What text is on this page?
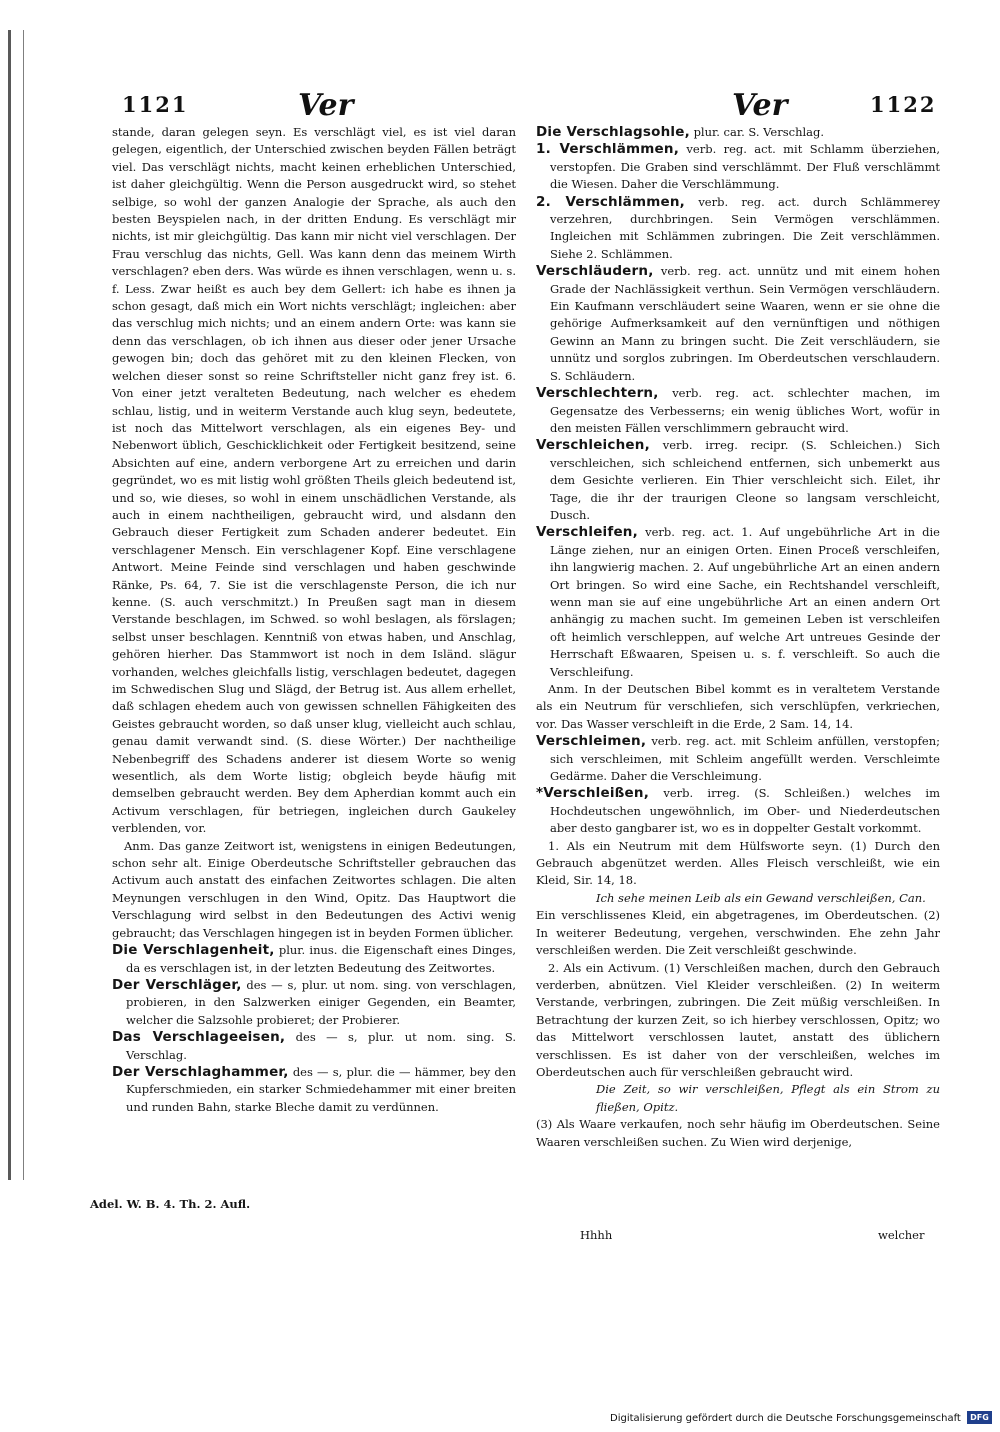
1121	Ver	Ver	1122

stande, daran gelegen seyn. Es verschlägt viel, es ist viel daran gelegen, eigentlich, der Unterschied zwischen beyden Fällen beträgt viel. Das verschlägt nichts, macht keinen erheblichen Unterschied, ist daher gleichgültig. Wenn die Person ausgedruckt wird, so stehet selbige, so wohl der ganzen Analogie der Sprache, als auch den besten Beyspielen nach, in der dritten Endung. Es verschlägt mir nichts, ist mir gleichgültig. Das kann mir nicht viel verschlagen. Der Frau verschlug das nichts, Gell. Was kann denn das meinem Wirth verschlagen? eben ders. Was würde es ihnen verschlagen, wenn u. s. f. Less. Zwar heißt es auch bey dem Gellert: ich habe es ihnen ja schon gesagt, daß mich ein Wort nichts verschlägt; ingleichen: aber das verschlug mich nichts; und an einem andern Orte: was kann sie denn das verschlagen, ob ich ihnen aus dieser oder jener Ursache gewogen bin; doch das gehöret mit zu den kleinen Flecken, von welchen dieser sonst so reine Schriftsteller nicht ganz frey ist. 6. Von einer jetzt veralteten Bedeutung, nach welcher es ehedem schlau, listig, und in weiterm Verstande auch klug seyn, bedeutete, ist noch das Mittelwort verschlagen, als ein eigenes Bey- und Nebenwort üblich, Geschicklichkeit oder Fertigkeit besitzend, seine Absichten auf eine, andern verborgene Art zu erreichen und darin gegründet, wo es mit listig wohl größten Theils gleich bedeutend ist, und so, wie dieses, so wohl in einem unschädlichen Verstande, als auch in einem nachtheiligen, gebraucht wird, und alsdann den Gebrauch dieser Fertigkeit zum Schaden anderer bedeutet. Ein verschlagener Mensch. Ein verschlagener Kopf. Eine verschlagene Antwort. Meine Feinde sind verschlagen und haben geschwinde Ränke, Ps. 64, 7. Sie ist die verschlagenste Person, die ich nur kenne. (S. auch verschmitzt.) In Preußen sagt man in diesem Verstande beschlagen, im Schwed. so wohl beslagen, als förslagen; selbst unser beschlagen. Kenntniß von etwas haben, und Anschlag, gehören hierher. Das Stammwort ist noch in dem Isländ. slägur vorhanden, welches gleichfalls listig, verschlagen bedeutet, dagegen im Schwedischen Slug und Slägd, der Betrug ist. Aus allem erhellet, daß schlagen ehedem auch von gewissen schnellen Fähigkeiten des Geistes gebraucht worden, so daß unser klug, vielleicht auch schlau, genau damit verwandt sind. (S. diese Wörter.) Der nachtheilige Nebenbegriff des Schadens anderer ist diesem Worte so wenig wesentlich, als dem Worte listig; obgleich beyde häufig mit demselben gebraucht werden. Bey dem Apherdian kommt auch ein Activum verschlagen, für betriegen, ingleichen durch Gaukeley verblenden, vor.

Anm. Das ganze Zeitwort ist, wenigstens in einigen Bedeutungen, schon sehr alt. Einige Oberdeutsche Schriftsteller gebrauchen das Activum auch anstatt des einfachen Zeitwortes schlagen. Die alten Meynungen verschlugen in den Wind, Opitz. Das Hauptwort die Verschlagung wird selbst in den Bedeutungen des Activi wenig gebraucht; das Verschlagen hingegen ist in beyden Formen üblicher.

Die Verschlagenheit, plur. inus. die Eigenschaft eines Dinges, da es verschlagen ist, in der letzten Bedeutung des Zeitwortes.

Der Verschläger, des — s, plur. ut nom. sing. von verschlagen, probieren, in den Salzwerken einiger Gegenden, ein Beamter, welcher die Salzsohle probieret; der Probierer.

Das Verschlageeisen, des — s, plur. ut nom. sing. S. Verschlag.

Der Verschlaghammer, des — s, plur. die — hämmer, bey den Kupferschmieden, ein starker Schmiedehammer mit einer breiten und runden Bahn, starke Bleche damit zu verdünnen.

Adel. W. B. 4. Th. 2. Aufl.

Die Verschlagsohle, plur. car. S. Verschlag.

1. Verschlämmen, verb. reg. act. mit Schlamm überziehen, verstopfen. Die Graben sind verschlämmt. Der Fluß verschlämmt die Wiesen. Daher die Verschlämmung.

2. Verschlämmen, verb. reg. act. durch Schlämmerey verzehren, durchbringen. Sein Vermögen verschlämmen. Ingleichen mit Schlämmen zubringen. Die Zeit verschlämmen. Siehe 2. Schlämmen.

Verschläudern, verb. reg. act. unnütz und mit einem hohen Grade der Nachlässigkeit verthun. Sein Vermögen verschläudern. Ein Kaufmann verschläudert seine Waaren, wenn er sie ohne die gehörige Aufmerksamkeit auf den vernünftigen und nöthigen Gewinn an Mann zu bringen sucht. Die Zeit verschläudern, sie unnütz und sorglos zubringen. Im Oberdeutschen verschlaudern. S. Schläudern.

Verschlechtern, verb. reg. act. schlechter machen, im Gegensatze des Verbesserns; ein wenig übliches Wort, wofür in den meisten Fällen verschlimmern gebraucht wird.

Verschleichen, verb. irreg. recipr. (S. Schleichen.) Sich verschleichen, sich schleichend entfernen, sich unbemerkt aus dem Gesichte verlieren. Ein Thier verschleicht sich. Eilet, ihr Tage, die ihr der traurigen Cleone so langsam verschleicht, Dusch.

Verschleifen, verb. reg. act. 1. Auf ungebührliche Art in die Länge ziehen, nur an einigen Orten. Einen Proceß verschleifen, ihn langwierig machen. 2. Auf ungebührliche Art an einen andern Ort bringen. So wird eine Sache, ein Rechtshandel verschleift, wenn man sie auf eine ungebührliche Art an einen andern Ort anhängig zu machen sucht. Im gemeinen Leben ist verschleifen oft heimlich verschleppen, auf welche Art untreues Gesinde der Herrschaft Eßwaaren, Speisen u. s. f. verschleift. So auch die Verschleifung.

Anm. In der Deutschen Bibel kommt es in veraltetem Verstande als ein Neutrum für verschliefen, sich verschlüpfen, verkriechen, vor. Das Wasser verschleift in die Erde, 2 Sam. 14, 14.

Verschleimen, verb. reg. act. mit Schleim anfüllen, verstopfen; sich verschleimen, mit Schleim angefüllt werden. Verschleimte Gedärme. Daher die Verschleimung.

*Verschleißen, verb. irreg. (S. Schleißen.) welches im Hochdeutschen ungewöhnlich, im Ober- und Niederdeutschen aber desto gangbarer ist, wo es in doppelter Gestalt vorkommt.

1. Als ein Neutrum mit dem Hülfsworte seyn. (1) Durch den Gebrauch abgenützet werden. Alles Fleisch verschleißt, wie ein Kleid, Sir. 14, 18.

Ich sehe meinen Leib als ein Gewand verschleißen, Can.

Ein verschlissenes Kleid, ein abgetragenes, im Oberdeutschen. (2) In weiterer Bedeutung, vergehen, verschwinden. Ehe zehn Jahr verschleißen werden. Die Zeit verschleißt geschwinde.

2. Als ein Activum. (1) Verschleißen machen, durch den Gebrauch verderben, abnützen. Viel Kleider verschleißen. (2) In weiterm Verstande, verbringen, zubringen. Die Zeit müßig verschleißen. In Betrachtung der kurzen Zeit, so ich hierbey verschlossen, Opitz; wo das Mittelwort verschlossen lautet, anstatt des üblichern verschlissen. Es ist daher von der verschleißen, welches im Oberdeutschen auch für verschleißen gebraucht wird.

Die Zeit, so wir verschleißen, Pflegt als ein Strom zu fließen, Opitz.

(3) Als Waare verkaufen, noch sehr häufig im Oberdeutschen. Seine Waaren verschleißen suchen. Zu Wien wird derjenige,

Hhhh	welcher
Digitalisierung gefördert durch die Deutsche Forschungsgemeinschaft	DFG
